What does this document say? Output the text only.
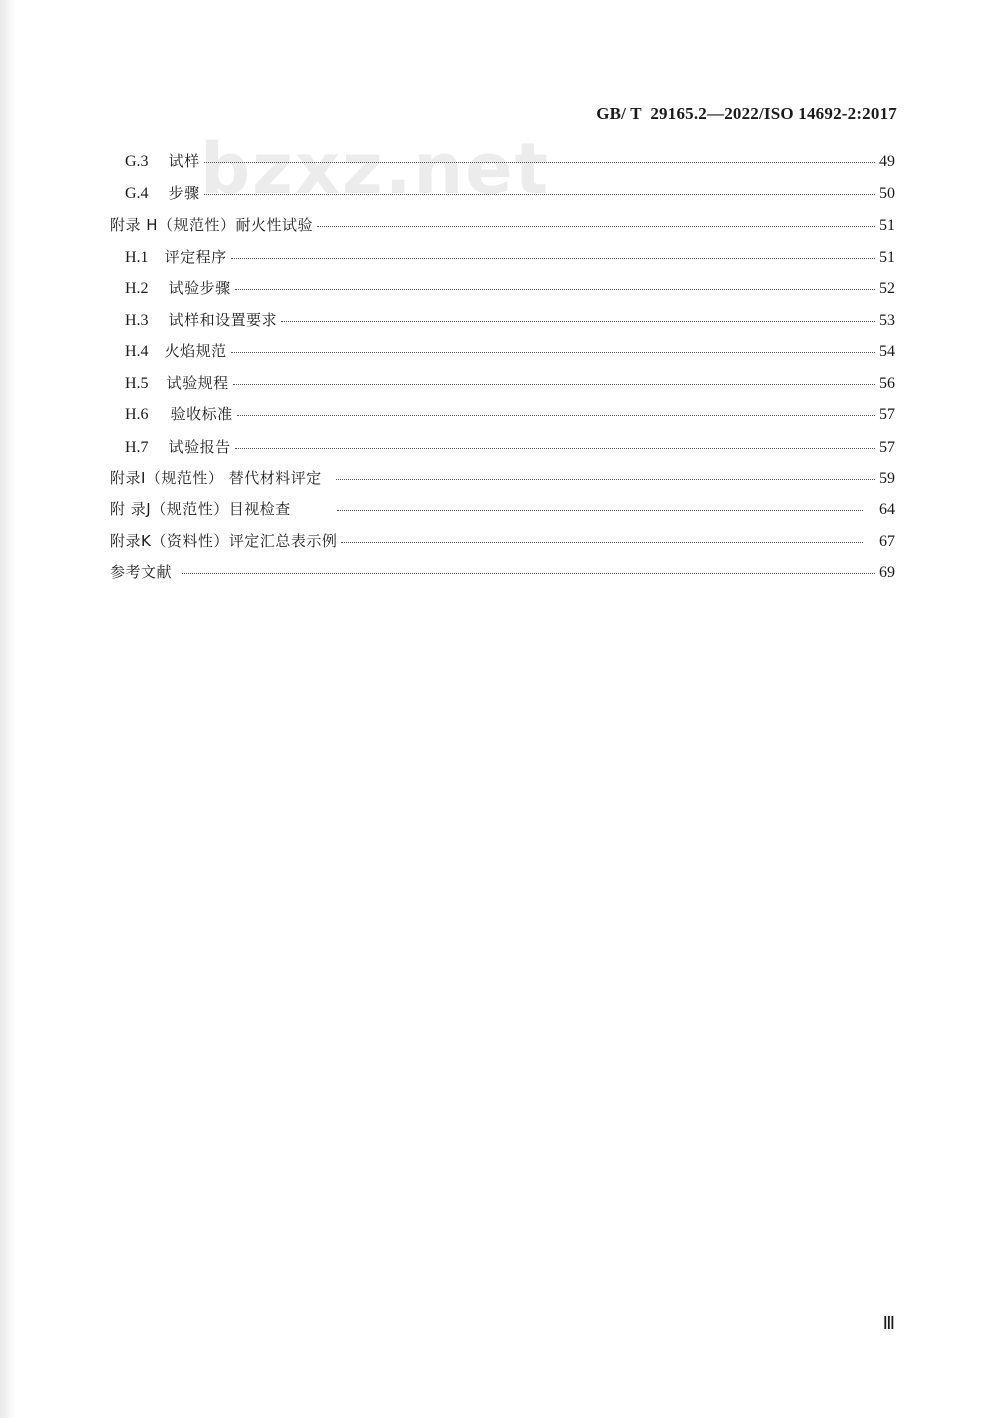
GB/ T  29165.2—2022/ISO 14692-2:2017
bzxz.net
G.3 试样	49
G.4 步骤	50
附录 H（规范性）耐火性试验	51
H.1 评定程序	51
H.2 试验步骤	52
H.3 试样和设置要求	53
H.4 火焰规范	54
H.5 试验规程	56
H.6 验收标准	57
H.7 试验报告	57
附录I（规范性） 替代材料评定	59
附 录J（规范性）目视检查	64
附录K（资料性）评定汇总表示例	67
参考文献	69
Ⅲ
